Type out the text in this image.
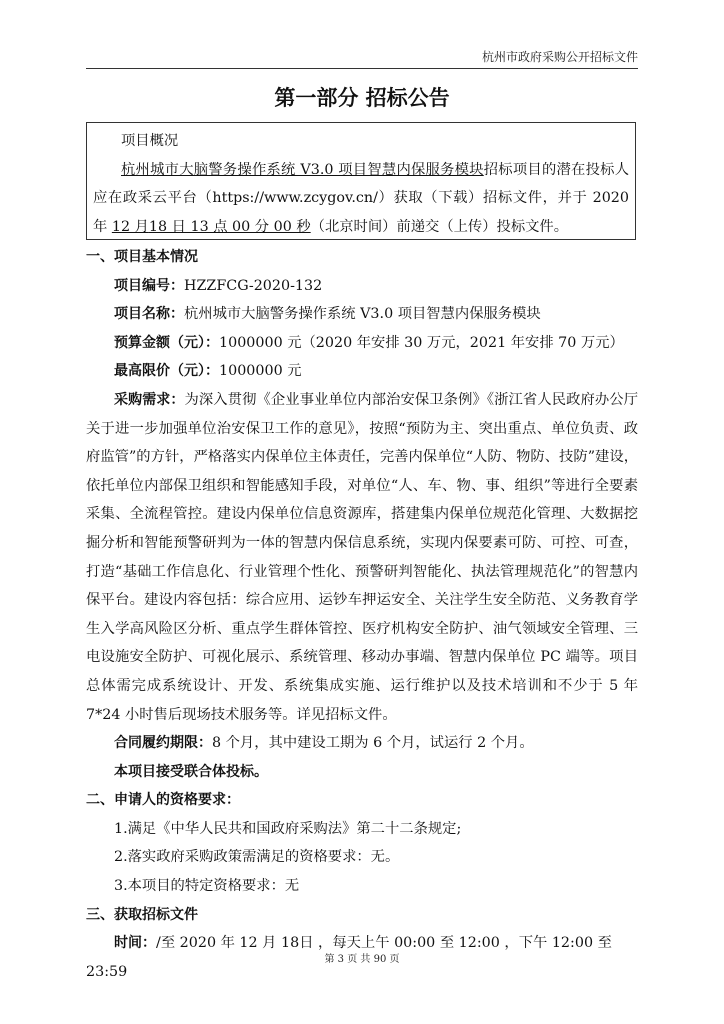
杭州市政府采购公开招标文件
第一部分 招标公告

项目概况

杭州城市大脑警务操作系统 V3.0 项目智慧内保服务模块招标项目的潜在投标人应在政采云平台（https://www.zcygov.cn/）获取（下载）招标文件，并于 2020 年 12 月18 日 13 点 00 分 00 秒（北京时间）前递交（上传）投标文件。

一、项目基本情况

项目编号：HZZFCG-2020-132

项目名称：杭州城市大脑警务操作系统 V3.0 项目智慧内保服务模块

预算金额（元）：1000000 元（2020 年安排 30 万元，2021 年安排 70 万元）

最高限价（元）：1000000 元

采购需求：为深入贯彻《企业事业单位内部治安保卫条例》《浙江省人民政府办公厅关于进一步加强单位治安保卫工作的意见》，按照“预防为主、突出重点、单位负责、政府监管”的方针，严格落实内保单位主体责任，完善内保单位“人防、物防、技防”建设，依托单位内部保卫组织和智能感知手段，对单位“人、车、物、事、组织”等进行全要素采集、全流程管控。建设内保单位信息资源库，搭建集内保单位规范化管理、大数据挖掘分析和智能预警研判为一体的智慧内保信息系统，实现内保要素可防、可控、可查，打造“基础工作信息化、行业管理个性化、预警研判智能化、执法管理规范化”的智慧内保平台。建设内容包括：综合应用、运钞车押运安全、关注学生安全防范、义务教育学生入学高风险区分析、重点学生群体管控、医疗机构安全防护、油气领域安全管理、三电设施安全防护、可视化展示、系统管理、移动办事端、智慧内保单位 PC 端等。项目总体需完成系统设计、开发、系统集成实施、运行维护以及技术培训和不少于 5 年 7*24 小时售后现场技术服务等。详见招标文件。

合同履约期限：8 个月，其中建设工期为 6 个月，试运行 2 个月。

本项目接受联合体投标。

二、申请人的资格要求：

1.满足《中华人民共和国政府采购法》第二十二条规定;

2.落实政府采购政策需满足的资格要求：无。

3.本项目的特定资格要求：无

三、获取招标文件

时间：/至 2020 年 12 月 18日 ，每天上午 00:00 至 12:00 ，下午 12:00 至 23:59

第 3 页 共 90 页
